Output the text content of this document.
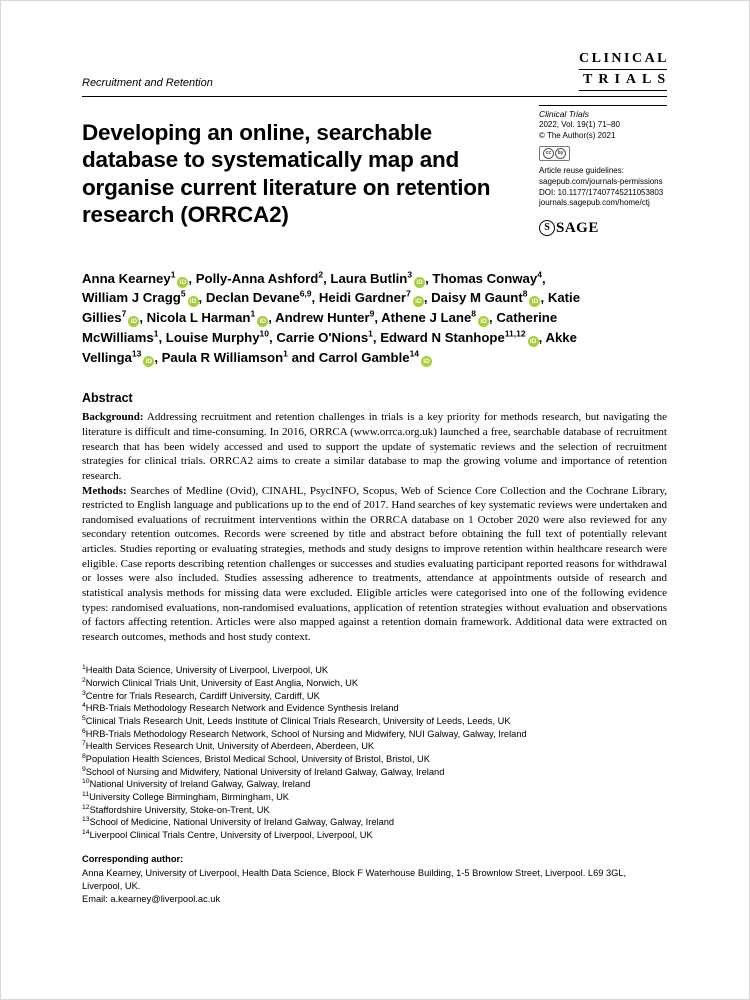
Recruitment and Retention
CLINICAL
TRIALS
Developing an online, searchable database to systematically map and organise current literature on retention research (ORRCA2)
Clinical Trials
2022, Vol. 19(1) 71–80
© The Author(s) 2021
cc	by
Article reuse guidelines:
sagepub.com/journals-permissions
DOI: 10.1177/17407745211053803
journals.sagepub.com/home/ctj
S SAGE

Anna Kearney$^1$iD , Polly-Anna Ashford$^2$, Laura Butlin$^3$iD , Thomas Conway$^4$, William J Cragg$^5$iD , Declan Devane$^{6,9}$, Heidi Gardner$^7$iD , Daisy M Gaunt$^8$iD , Katie Gillies$^7$iD , Nicola L Harman$^1$iD , Andrew Hunter$^9$, Athene J Lane$^8$iD , Catherine McWilliams$^1$, Louise Murphy$^{10}$, Carrie O'Nions$^1$, Edward N Stanhope$^{11,12}$iD , Akke Vellinga$^{13}$iD , Paula R Williamson$^1$ and Carrol Gamble$^{14}$iD

Abstract

Background: Addressing recruitment and retention challenges in trials is a key priority for methods research, but navigating the literature is difficult and time-consuming. In 2016, ORRCA (www.orrca.org.uk) launched a free, searchable database of recruitment research that has been widely accessed and used to support the update of systematic reviews and the selection of recruitment strategies for clinical trials. ORRCA2 aims to create a similar database to map the growing volume and importance of retention research.

Methods: Searches of Medline (Ovid), CINAHL, PsycINFO, Scopus, Web of Science Core Collection and the Cochrane Library, restricted to English language and publications up to the end of 2017. Hand searches of key systematic reviews were undertaken and randomised evaluations of recruitment interventions within the ORRCA database on 1 October 2020 were also reviewed for any secondary retention outcomes. Records were screened by title and abstract before obtaining the full text of potentially relevant articles. Studies reporting or evaluating strategies, methods and study designs to improve retention within healthcare research were eligible. Case reports describing retention challenges or successes and studies evaluating participant reported reasons for withdrawal or losses were also included. Studies assessing adherence to treatments, attendance at appointments outside of research and statistical analysis methods for missing data were excluded. Eligible articles were categorised into one of the following evidence types: randomised evaluations, non-randomised evaluations, application of retention strategies without evaluation and observations of factors affecting retention. Articles were also mapped against a retention domain framework. Additional data were extracted on research outcomes, methods and host study context.

$^1$Health Data Science, University of Liverpool, Liverpool, UK
$^2$Norwich Clinical Trials Unit, University of East Anglia, Norwich, UK
$^3$Centre for Trials Research, Cardiff University, Cardiff, UK
$^4$HRB-Trials Methodology Research Network and Evidence Synthesis Ireland
$^5$Clinical Trials Research Unit, Leeds Institute of Clinical Trials Research, University of Leeds, Leeds, UK
$^6$HRB-Trials Methodology Research Network, School of Nursing and Midwifery, NUI Galway, Galway, Ireland
$^7$Health Services Research Unit, University of Aberdeen, Aberdeen, UK
$^8$Population Health Sciences, Bristol Medical School, University of Bristol, Bristol, UK
$^9$School of Nursing and Midwifery, National University of Ireland Galway, Galway, Ireland
$^{10}$National University of Ireland Galway, Galway, Ireland
$^{11}$University College Birmingham, Birmingham, UK
$^{12}$Staffordshire University, Stoke-on-Trent, UK
$^{13}$School of Medicine, National University of Ireland Galway, Galway, Ireland
$^{14}$Liverpool Clinical Trials Centre, University of Liverpool, Liverpool, UK
Corresponding author:
Anna Kearney, University of Liverpool, Health Data Science, Block F Waterhouse Building, 1-5 Brownlow Street, Liverpool. L69 3GL, Liverpool, UK.
Email: a.kearney@liverpool.ac.uk
